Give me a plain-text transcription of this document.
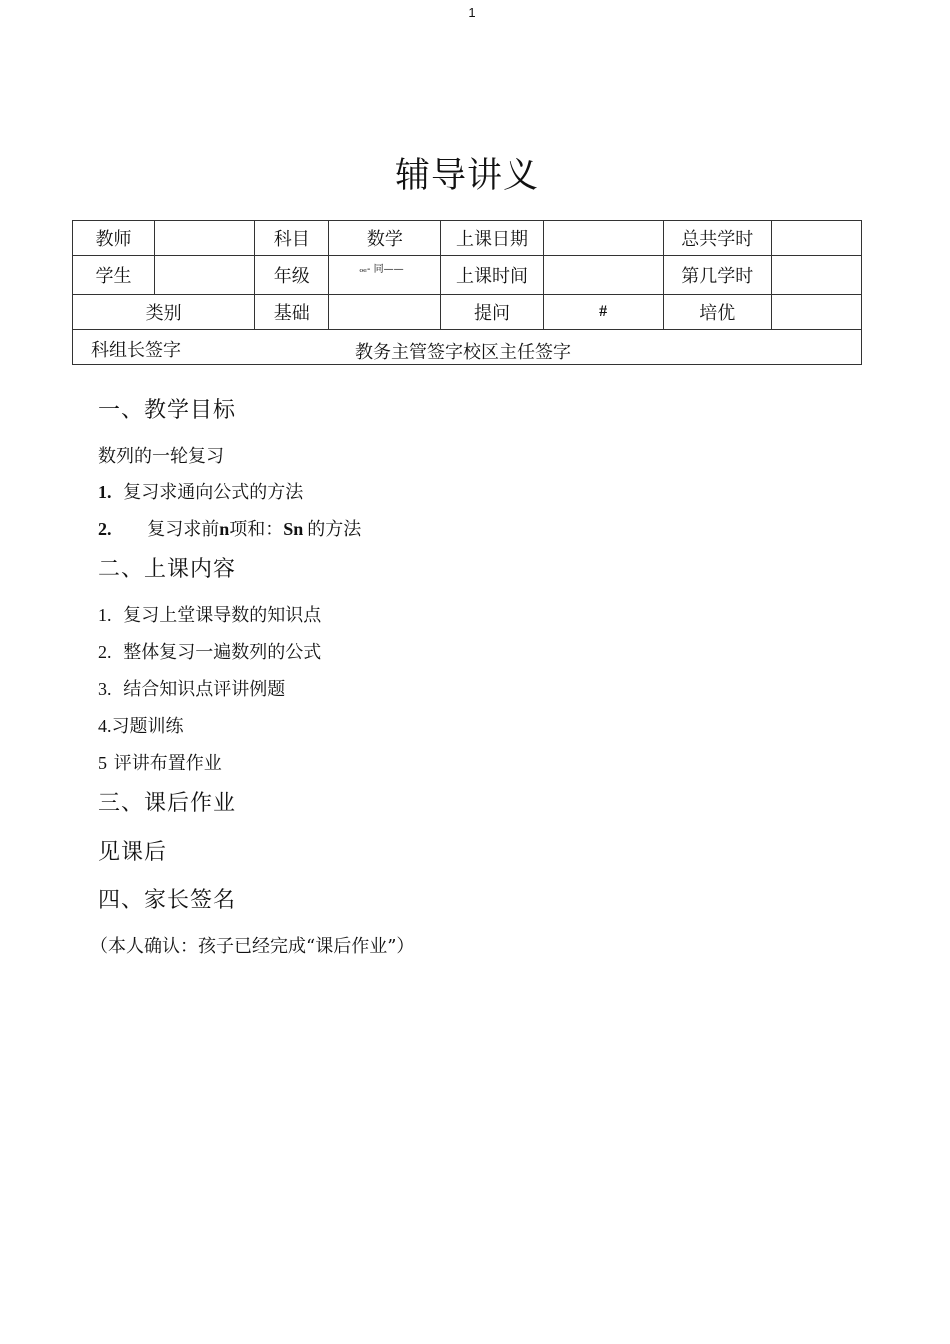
1
辅导讲义
教师		科目	数学	上课日期		总共学时	
学生		年级	ₒₑ- 同——	上课时间		第几学时	
类别		基础		提问	#	培优	

科组长签字 教务主管签字校区主任签字							
一、教学目标
数列的一轮复习
1. 复习求通向公式的方法
2. 复习求前n项和：Sn 的方法
二、上课内容
1. 复习上堂课导数的知识点
2. 整体复习一遍数列的公式
3. 结合知识点评讲例题
4.习题训练
5 评讲布置作业
三、课后作业
见课后
四、家长签名
（本人确认：孩子已经完成“课后作业”）
